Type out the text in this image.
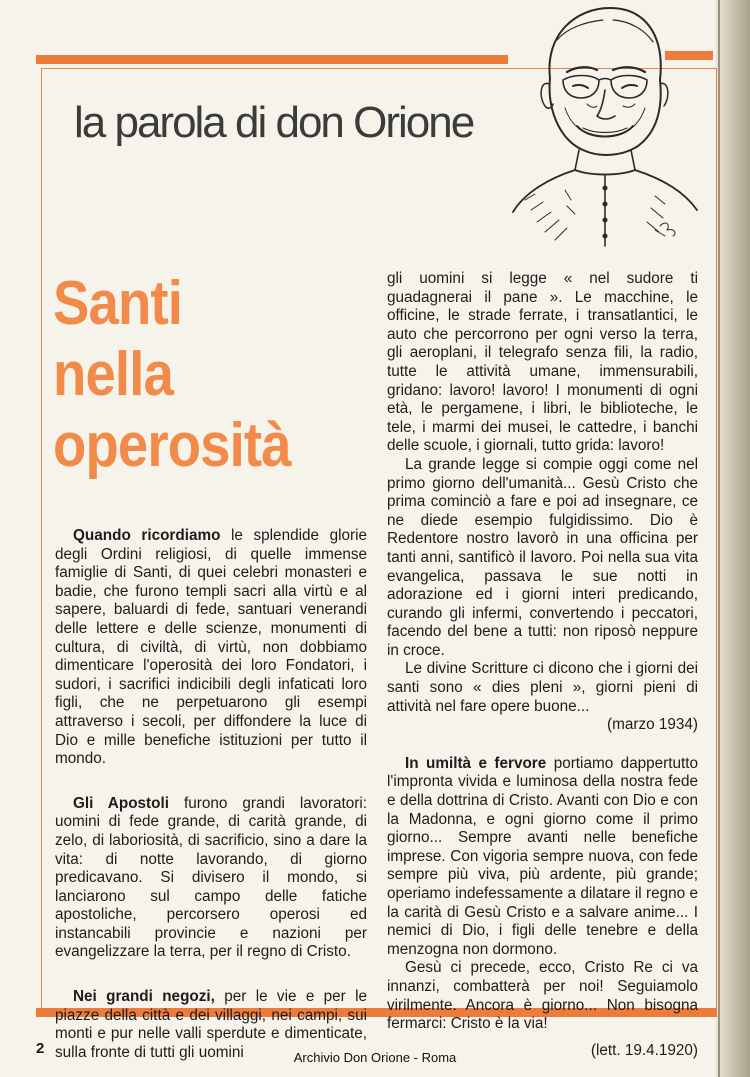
la parola di don Orione
Santi
nella
operosità

Quando ricordiamo le splendide glorie degli Ordini religiosi, di quelle immense famiglie di Santi, di quei celebri monasteri e badie, che furono templi sacri alla virtù e al sapere, baluardi di fede, santuari venerandi delle lettere e delle scienze, monumenti di cultura, di civiltà, di virtù, non dobbiamo dimenticare l'operosità dei loro Fondatori, i sudori, i sacrifici indicibili degli infaticati loro figli, che ne perpetuarono gli esempi attraverso i secoli, per diffondere la luce di Dio e mille benefiche istituzioni per tutto il mondo.

Gli Apostoli furono grandi lavoratori: uomini di fede grande, di carità grande, di zelo, di laboriosità, di sacrificio, sino a dare la vita: di notte lavorando, di giorno predicavano. Si divisero il mondo, si lanciarono sul campo delle fatiche apostoliche, percorsero operosi ed instancabili provincie e nazioni per evangelizzare la terra, per il regno di Cristo.

Nei grandi negozi, per le vie e per le piazze della città e dei villaggi, nei campi, sui monti e pur nelle valli sperdute e dimenticate, sulla fronte di tutti gli uomini

gli uomini si legge « nel sudore ti guadagnerai il pane ». Le macchine, le officine, le strade ferrate, i transatlantici, le auto che percorrono per ogni verso la terra, gli aeroplani, il telegrafo senza fili, la radio, tutte le attività umane, immensurabili, gridano: lavoro! lavoro! I monumenti di ogni età, le pergamene, i libri, le biblioteche, le tele, i marmi dei musei, le cattedre, i banchi delle scuole, i giornali, tutto grida: lavoro!

La grande legge si compie oggi come nel primo giorno dell'umanità... Gesù Cristo che prima cominciò a fare e poi ad insegnare, ce ne diede esempio fulgidissimo. Dio è Redentore nostro lavorò in una officina per tanti anni, santificò il lavoro. Poi nella sua vita evangelica, passava le sue notti in adorazione ed i giorni interi predicando, curando gli infermi, convertendo i peccatori, facendo del bene a tutti: non riposò neppure in croce.

Le divine Scritture ci dicono che i giorni dei santi sono « dies pleni », giorni pieni di attività nel fare opere buone...

(marzo 1934)

In umiltà e fervore portiamo dappertutto l'impronta vivida e luminosa della nostra fede e della dottrina di Cristo. Avanti con Dio e con la Madonna, e ogni giorno come il primo giorno... Sempre avanti nelle benefiche imprese. Con vigoria sempre nuova, con fede sempre più viva, più ardente, più grande; operiamo indefessamente a dilatare il regno e la carità di Gesù Cristo e a salvare anime... I nemici di Dio, i figli delle tenebre e della menzogna non dormono.

Gesù ci precede, ecco, Cristo Re ci va innanzi, combatterà per noi! Seguiamolo virilmente. Ancora è giorno... Non bisogna fermarci: Cristo è la via!

(lett. 19.4.1920)

2
Archivio Don Orione - Roma
